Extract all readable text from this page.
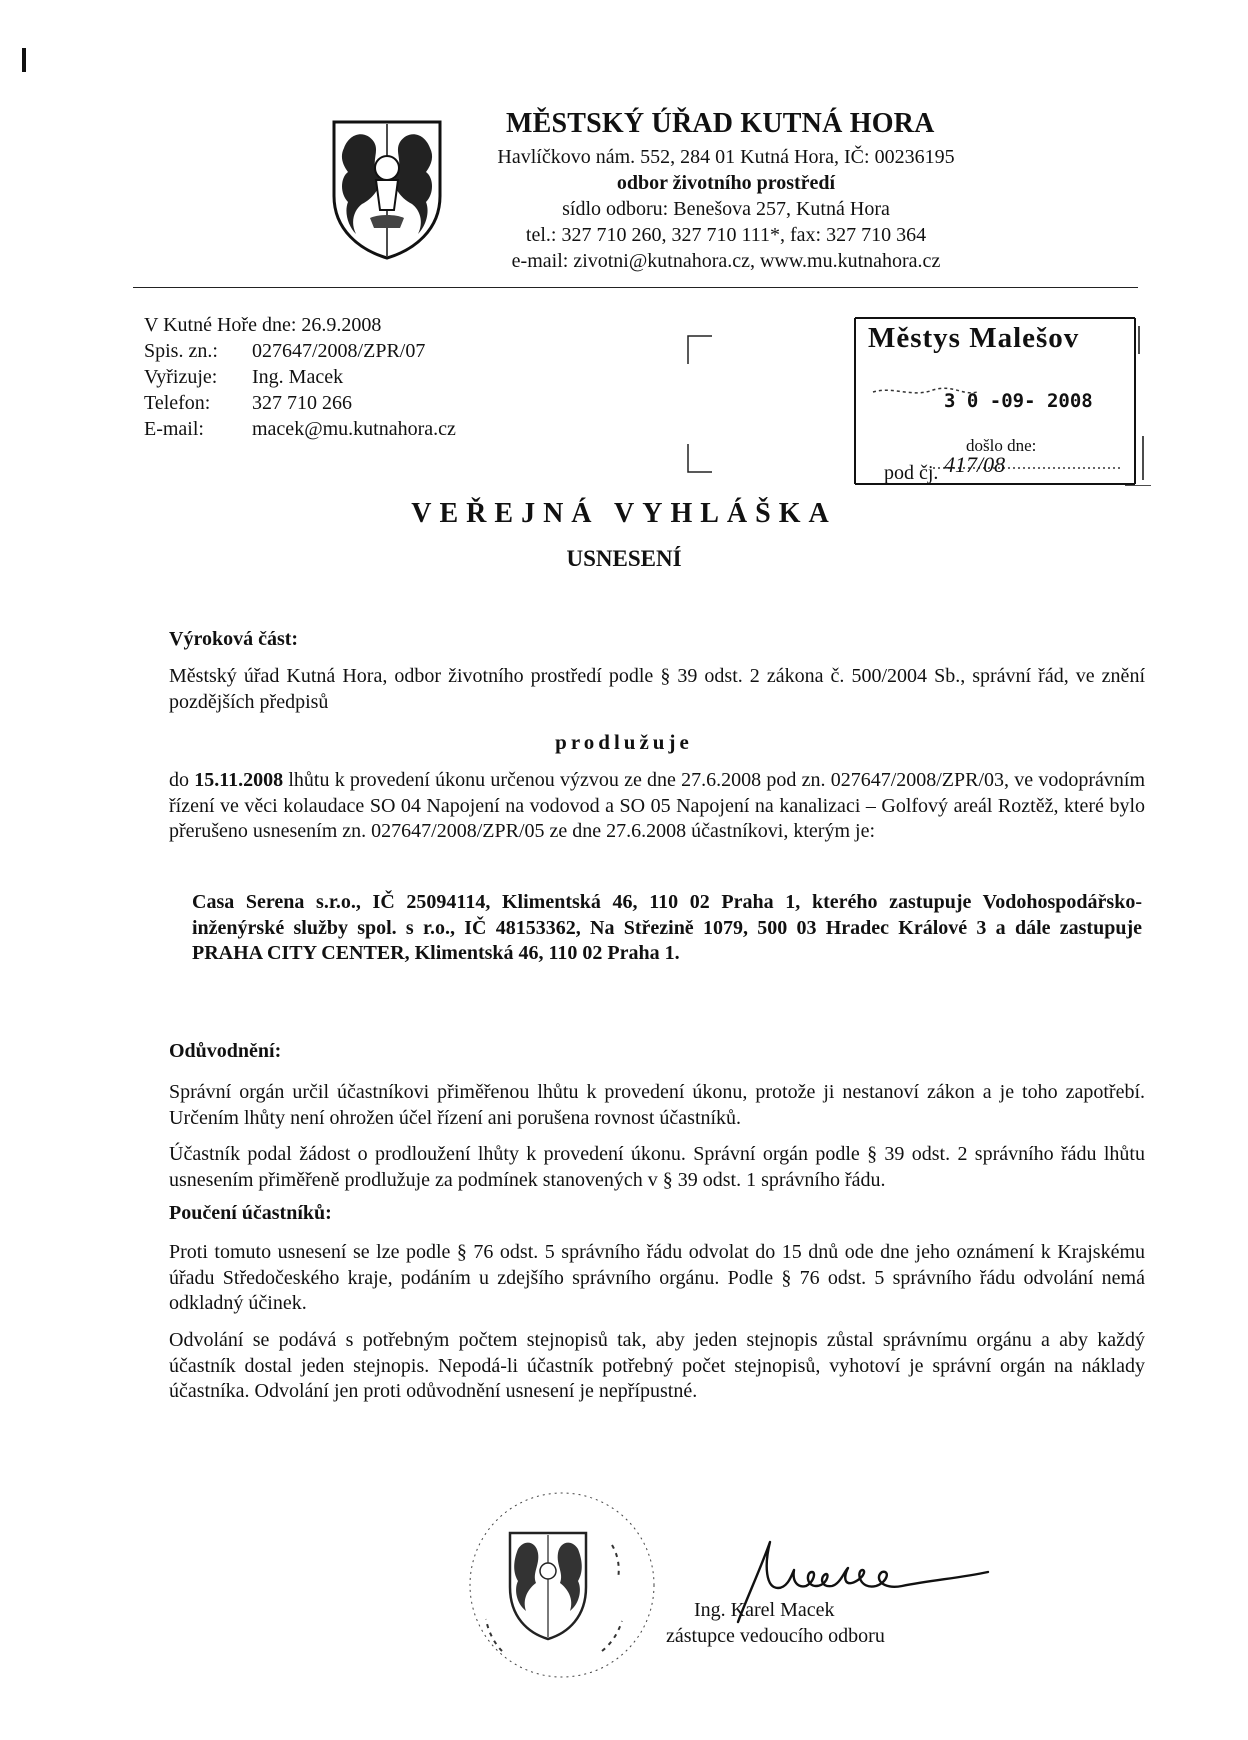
MĚSTSKÝ ÚŘAD KUTNÁ HORA
Havlíčkovo nám. 552, 284 01 Kutná Hora, IČ: 00236195
odbor životního prostředí
sídlo odboru: Benešova 257, Kutná Hora
tel.: 327 710 260, 327 710 111*, fax: 327 710 364
e-mail: zivotni@kutnahora.cz, www.mu.kutnahora.cz
V Kutné Hoře dne: 26.9.2008
Spis. zn.: 027647/2008/ZPR/07
Vyřizuje: Ing. Macek
Telefon: 327 710 266
E-mail: macek@mu.kutnahora.cz
Městys Malešov
3 0 -09- 2008
došlo dne:
pod čj. 417/08
VEŘEJNÁ VYHLÁŠKA
USNESENÍ
Výroková část:
Městský úřad Kutná Hora, odbor životního prostředí podle § 39 odst. 2 zákona č. 500/2004 Sb., správní řád, ve znění pozdějších předpisů
prodlužuje
do 15.11.2008 lhůtu k provedení úkonu určenou výzvou ze dne 27.6.2008 pod zn. 027647/2008/ZPR/03, ve vodoprávním řízení ve věci kolaudace SO 04 Napojení na vodovod a SO 05 Napojení na kanalizaci – Golfový areál Roztěž, které bylo přerušeno usnesením zn. 027647/2008/ZPR/05 ze dne 27.6.2008 účastníkovi, kterým je:
Casa Serena s.r.o., IČ 25094114, Klimentská 46, 110 02 Praha 1, kterého zastupuje Vodohospodářsko-inženýrské služby spol. s r.o., IČ 48153362, Na Střezině 1079, 500 03 Hradec Králové 3 a dále zastupuje PRAHA CITY CENTER, Klimentská 46, 110 02 Praha 1.
Odůvodnění:
Správní orgán určil účastníkovi přiměřenou lhůtu k provedení úkonu, protože ji nestanoví zákon a je toho zapotřebí. Určením lhůty není ohrožen účel řízení ani porušena rovnost účastníků.
Účastník podal žádost o prodloužení lhůty k provedení úkonu. Správní orgán podle § 39 odst. 2 správního řádu lhůtu usnesením přiměřeně prodlužuje za podmínek stanovených v § 39 odst. 1 správního řádu.
Poučení účastníků:
Proti tomuto usnesení se lze podle § 76 odst. 5 správního řádu odvolat do 15 dnů ode dne jeho oznámení k Krajskému úřadu Středočeského kraje, podáním u zdejšího správního orgánu. Podle § 76 odst. 5 správního řádu odvolání nemá odkladný účinek.
Odvolání se podává s potřebným počtem stejnopisů tak, aby jeden stejnopis zůstal správnímu orgánu a aby každý účastník dostal jeden stejnopis. Nepodá-li účastník potřebný počet stejnopisů, vyhotoví je správní orgán na náklady účastníka. Odvolání jen proti odůvodnění usnesení je nepřípustné.
Ing. Karel Macek
zástupce vedoucího odboru
